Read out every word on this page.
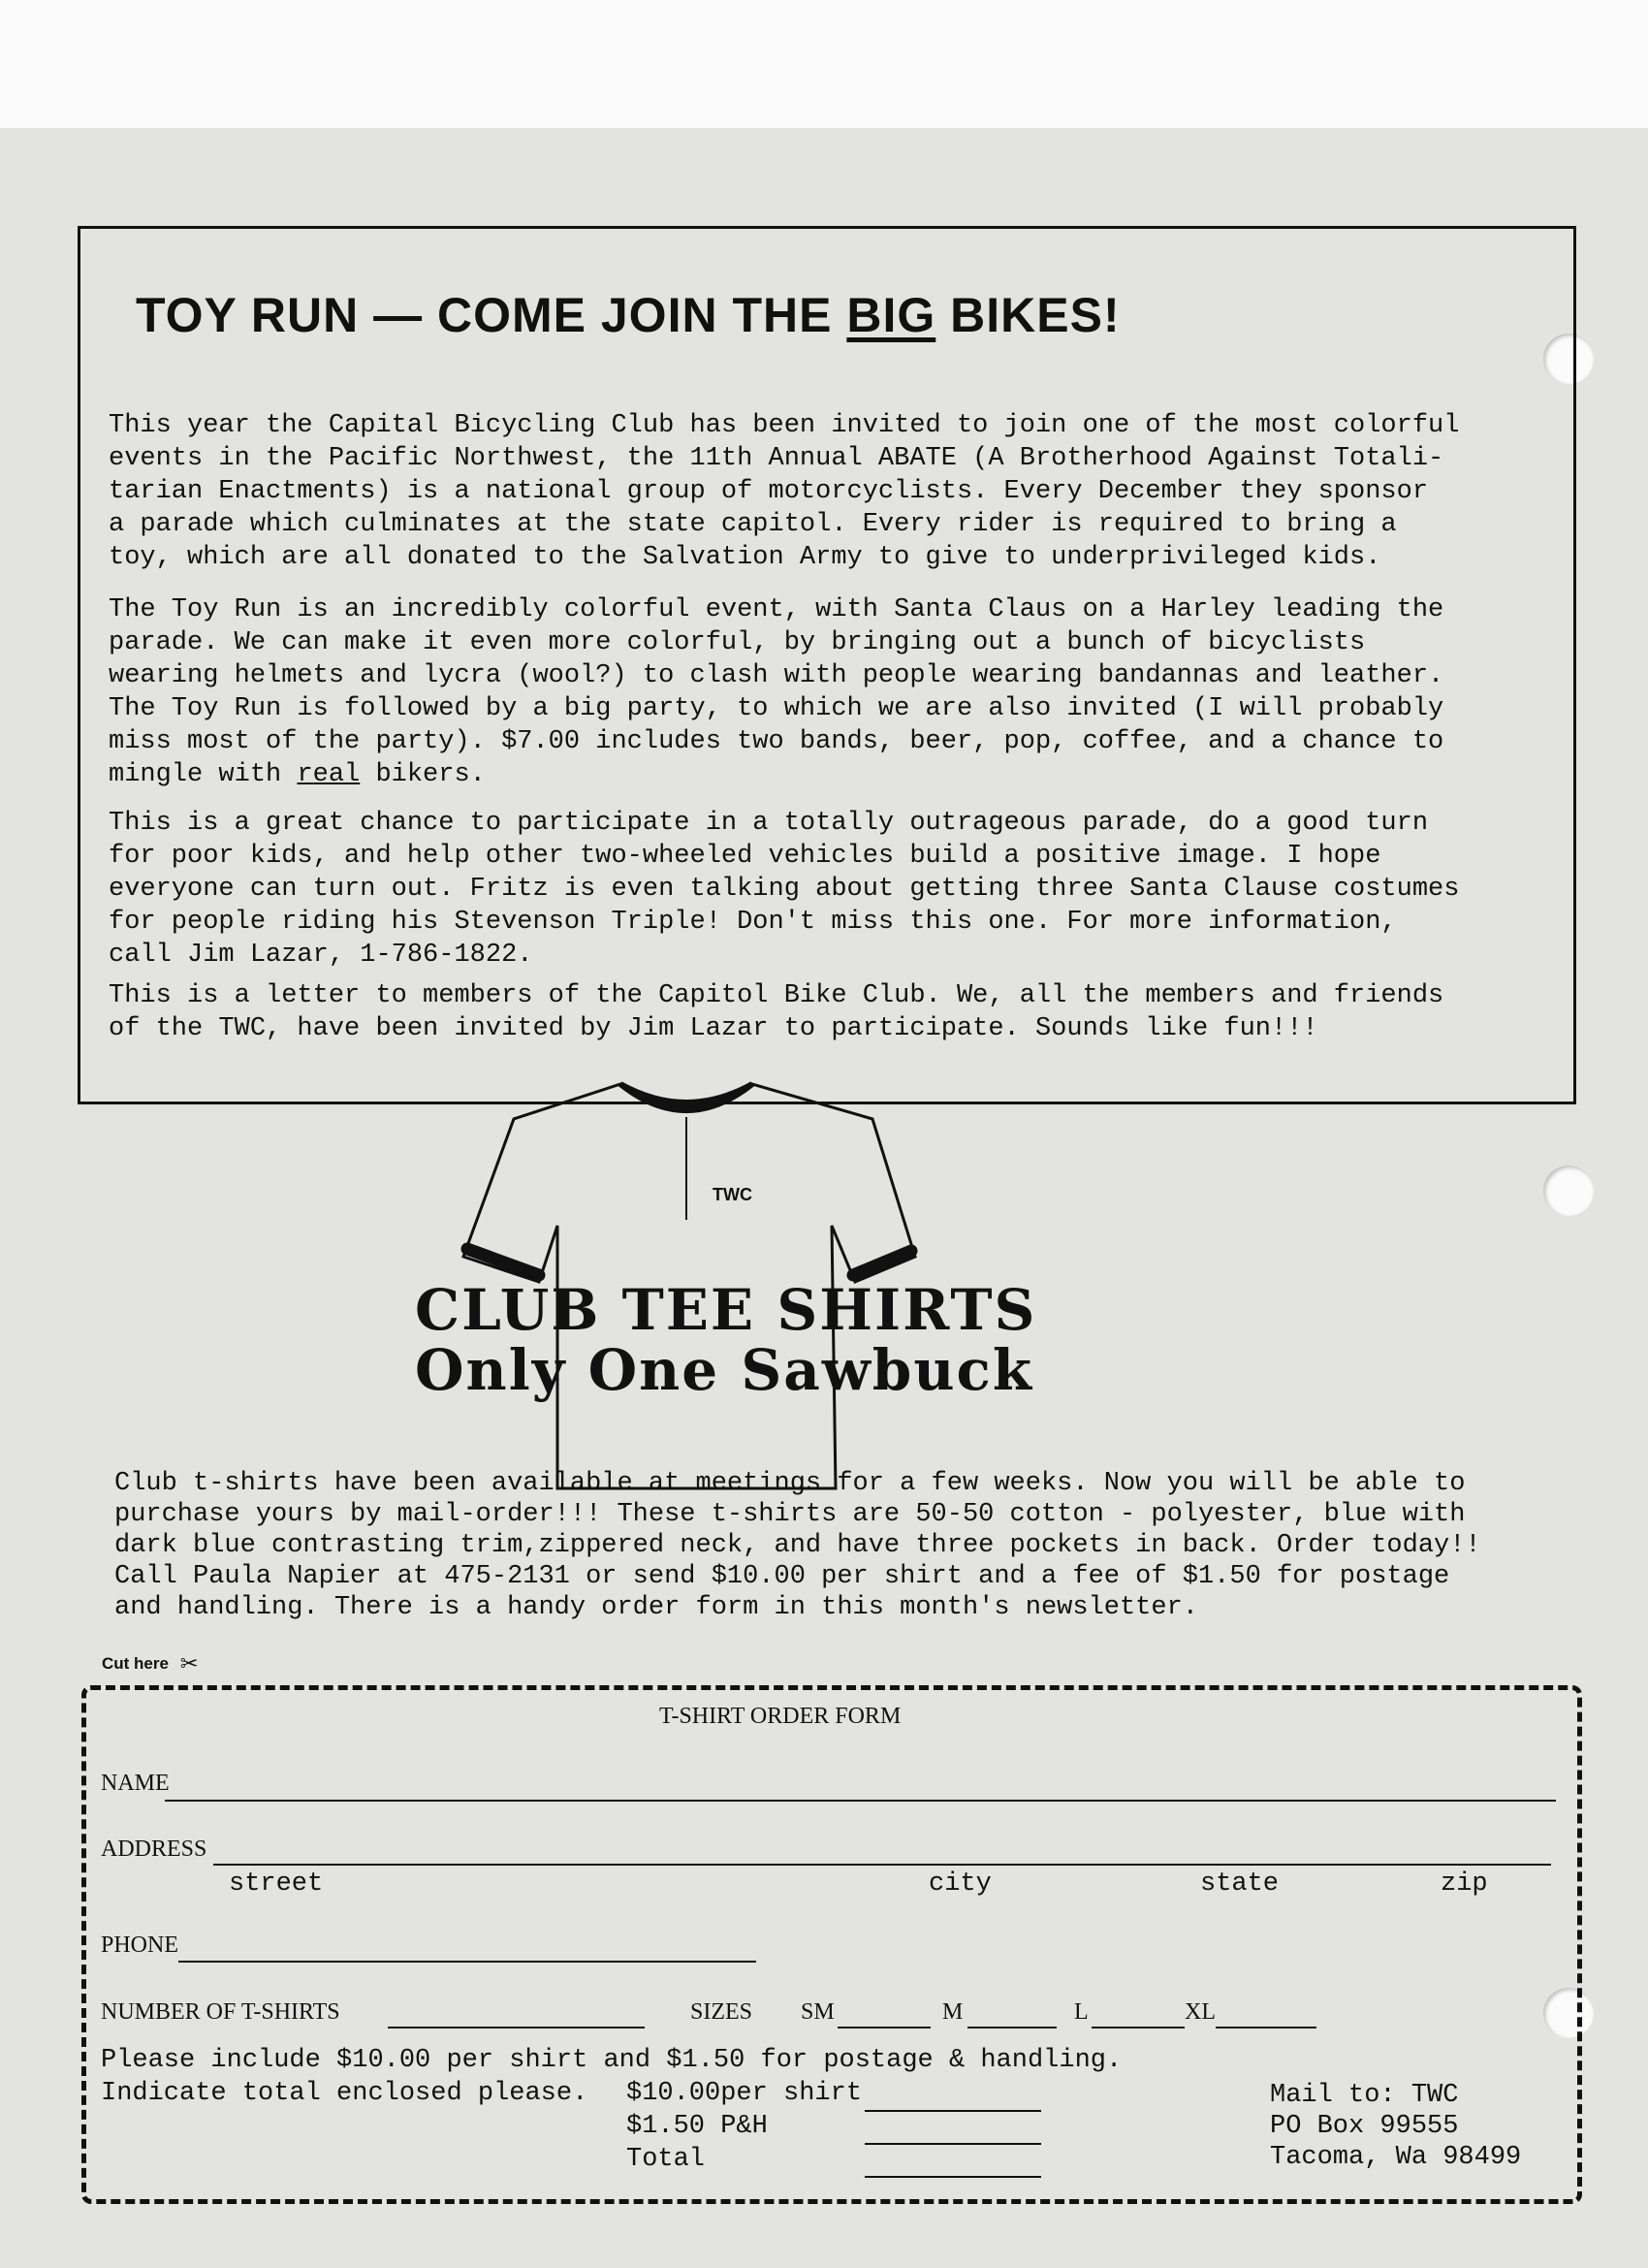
TOY RUN — COME JOIN THE BIG BIKES!
This year the Capital Bicycling Club has been invited to join one of the most colorful
events in the Pacific Northwest, the 11th Annual ABATE (A Brotherhood Against Totali-
tarian Enactments) is a national group of motorcyclists. Every December they sponsor
a parade which culminates at the state capitol. Every rider is required to bring a
toy, which are all donated to the Salvation Army to give to underprivileged kids.
The Toy Run is an incredibly colorful event, with Santa Claus on a Harley leading the
parade. We can make it even more colorful, by bringing out a bunch of bicyclists
wearing helmets and lycra (wool?) to clash with people wearing bandannas and leather.
The Toy Run is followed by a big party, to which we are also invited (I will probably
miss most of the party). $7.00 includes two bands, beer, pop, coffee, and a chance to
mingle with real bikers.
This is a great chance to participate in a totally outrageous parade, do a good turn
for poor kids, and help other two-wheeled vehicles build a positive image. I hope
everyone can turn out. Fritz is even talking about getting three Santa Clause costumes
for people riding his Stevenson Triple! Don't miss this one. For more information,
call Jim Lazar, 1-786-1822.
This is a letter to members of the Capitol Bike Club. We, all the members and friends
of the TWC, have been invited by Jim Lazar to participate. Sounds like fun!!!
TWC
CLUB TEE SHIRTS
Only One Sawbuck
Club t-shirts have been available at meetings for a few weeks. Now you will be able to
purchase yours by mail-order!!! These t-shirts are 50-50 cotton - polyester, blue with
dark blue contrasting trim,zippered neck, and have three pockets in back. Order today!!
Call Paula Napier at 475-2131 or send $10.00 per shirt and a fee of $1.50 for postage
and handling. There is a handy order form in this month's newsletter.
Cut here ✂
T-SHIRT ORDER FORM
NAME
ADDRESS
street	city	state	zip
PHONE
NUMBER OF T-SHIRTS	SIZES SM	M	L	XL
Please include $10.00 per shirt and $1.50 for postage & handling.
Indicate total enclosed please. $10.00per shirt
$1.50 P&H
Total
Mail to: TWC
PO Box 99555
Tacoma, Wa 98499
